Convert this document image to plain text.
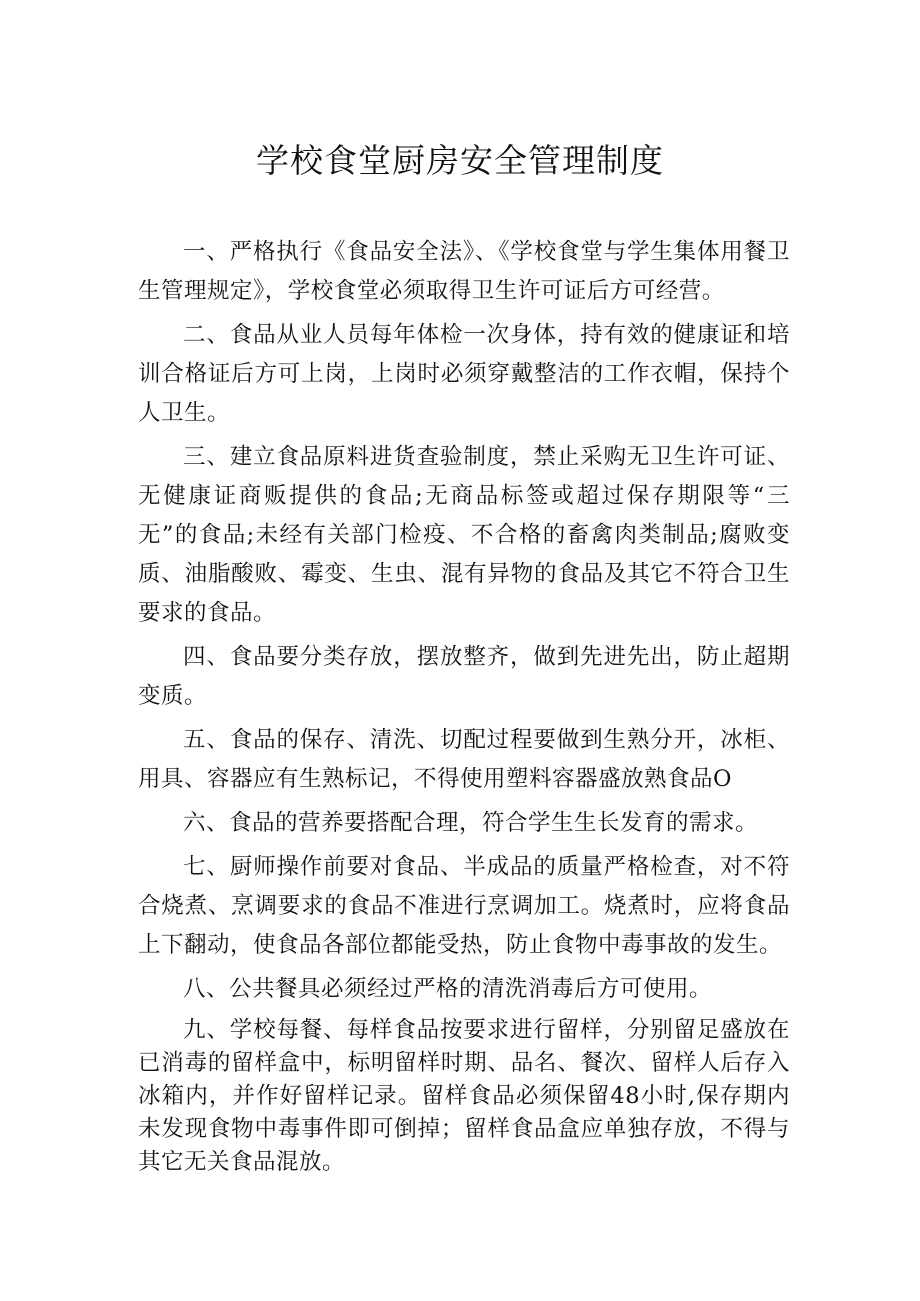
学校食堂厨房安全管理制度

一、严格执行《食品安全法》、《学校食堂与学生集体用餐卫生管理规定》，学校食堂必须取得卫生许可证后方可经营。

二、食品从业人员每年体检一次身体，持有效的健康证和培训合格证后方可上岗，上岗时必须穿戴整洁的工作衣帽，保持个人卫生。

三、建立食品原料进货查验制度，禁止采购无卫生许可证、无健康证商贩提供的食品;无商品标签或超过保存期限等“三无”的食品;未经有关部门检疫、不合格的畜禽肉类制品;腐败变质、油脂酸败、霉变、生虫、混有异物的食品及其它不符合卫生要求的食品。

四、食品要分类存放，摆放整齐，做到先进先出，防止超期变质。

五、食品的保存、清洗、切配过程要做到生熟分开，冰柜、用具、容器应有生熟标记，不得使用塑料容器盛放熟食品O

六、食品的营养要搭配合理，符合学生生长发育的需求。

七、厨师操作前要对食品、半成品的质量严格检查，对不符合烧煮、烹调要求的食品不准进行烹调加工。烧煮时，应将食品上下翻动，使食品各部位都能受热，防止食物中毒事故的发生。

八、公共餐具必须经过严格的清洗消毒后方可使用。

九、学校每餐、每样食品按要求进行留样，分别留足盛放在已消毒的留样盒中，标明留样时期、品名、餐次、留样人后存入冰箱内，并作好留样记录。留样食品必须保留48小时,保存期内未发现食物中毒事件即可倒掉；留样食品盒应单独存放，不得与其它无关食品混放。
